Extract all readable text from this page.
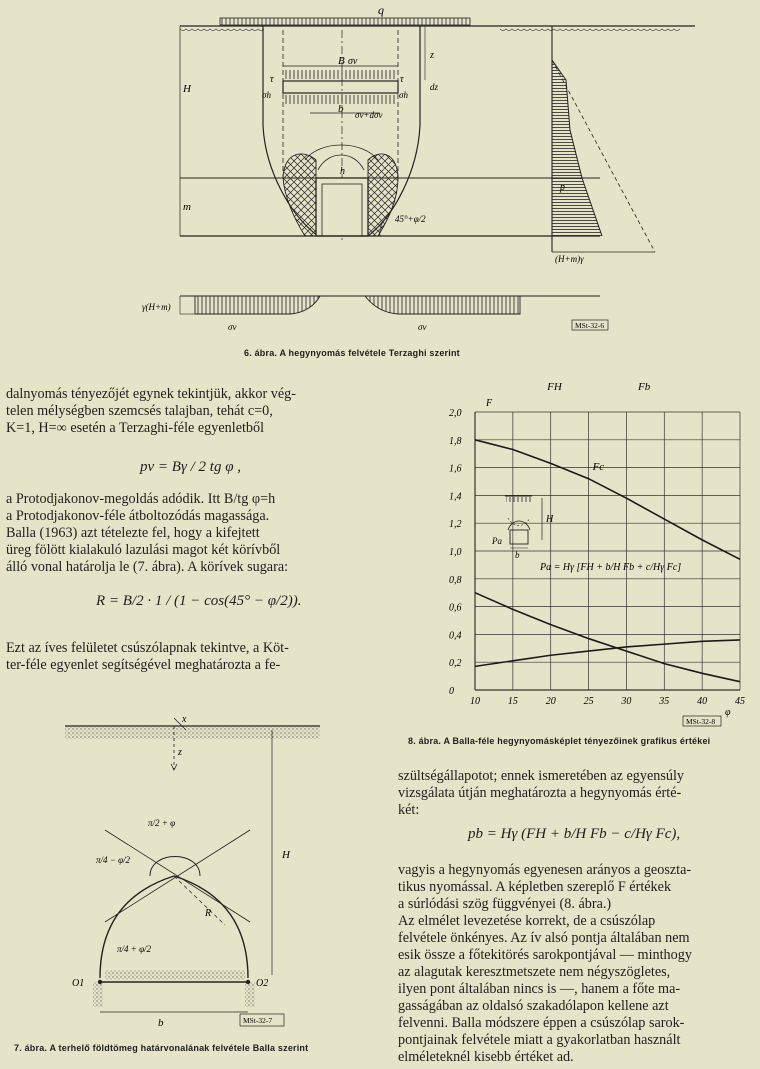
q
B σv
τ	τ
σh	σh
b σv+dσv
H
z
dz
h
m
45°+φ/2
p
(H+m)γ
γ(H+m)
σv	σv	MSt-32-6
6. ábra. A hegynyomás felvétele Terzaghi szerint
dalnyomás tényezőjét egynek tekintjük, akkor vég-
telen mélységben szemcsés talajban, tehát c=0,
K=1, H=∞ esetén a Terzaghi-féle egyenletből
pv = Bγ / 2 tg φ ,
a Protodjakonov-megoldás adódik. Itt B/tg φ=h
a Protodjakonov-féle átboltozódás magassága.
Balla (1963) azt tételezte fel, hogy a kifejtett
üreg fölött kialakuló lazulási magot két körívből
álló vonal határolja le (7. ábra). A körívek sugara:
R = B/2 · 1 / (1 − cos(45° − φ/2)).
Ezt az íves felületet csúszólapnak tekintve, a Köt-
ter-féle egyenlet segítségével meghatározta a fe-
10	15	20	25	30	35	40	45
0
0,2
0,4
0,6
0,8
1,0
1,2
1,4
1,6
1,8
2,0
Fc
FH	Fb
H
Pa
b
Pa = Hγ [FH + b/H Fb + c/Hγ Fc]
F
φ
MSt-32-8
8. ábra. A Balla-féle hegynyomásképlet tényezőinek grafikus értékei
x
z
H
π/2 + φ
π/4 − φ/2
R
π/4 + φ/2
O1	O2
b	MSt-32-7
7. ábra. A terhelő földtömeg határvonalának felvétele Balla szerint
szültségállapotot; ennek ismeretében az egyensúly
vizsgálata útján meghatározta a hegynyomás érté-
két:
pb = Hγ (FH + b/H Fb − c/Hγ Fc),
vagyis a hegynyomás egyenesen arányos a geoszta-
tikus nyomással. A képletben szereplő F értékek
a súrlódási szög függvényei (8. ábra.)
Az elmélet levezetése korrekt, de a csúszólap
felvétele önkényes. Az ív alsó pontja általában nem
esik össze a főtekitörés sarokpontjával — minthogy
az alagutak keresztmetszete nem négyszögletes,
ilyen pont általában nincs is —, hanem a főte ma-
gasságában az oldalsó szakadólapon kellene azt
felvenni. Balla módszere éppen a csúszólap sarok-
pontjainak felvétele miatt a gyakorlatban használt
elméleteknél kisebb értéket ad.
